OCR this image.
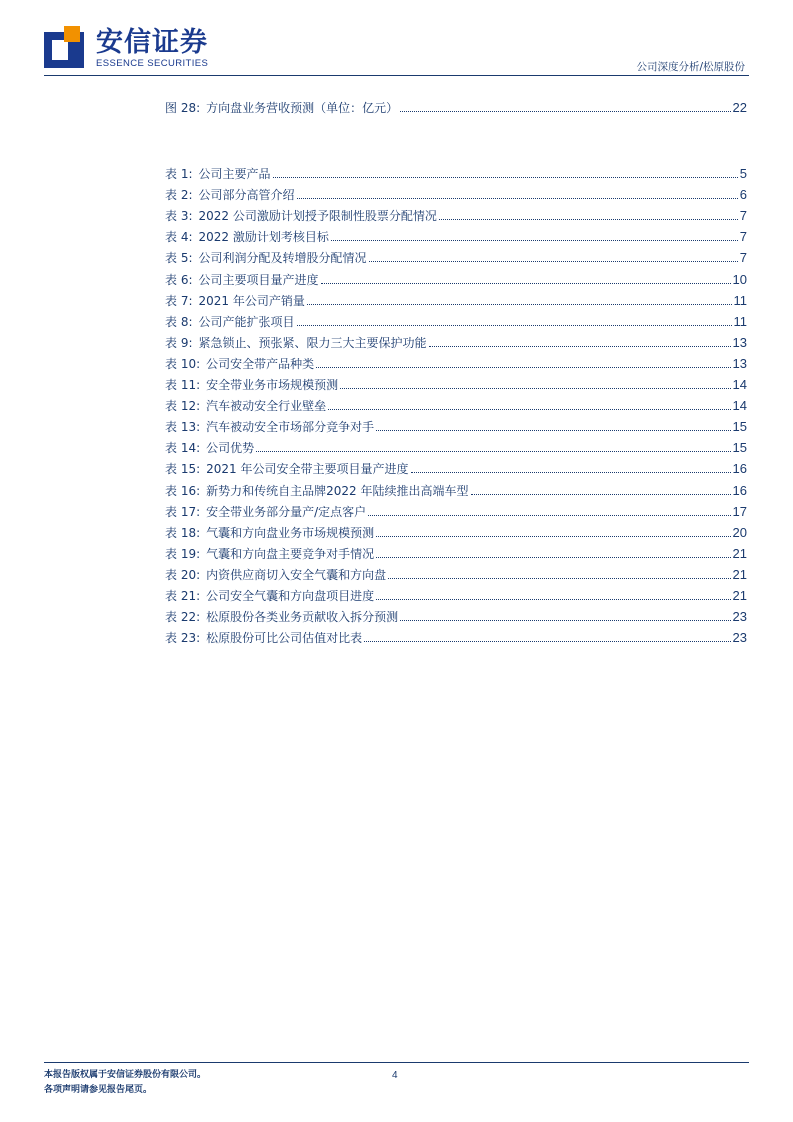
安信证券
ESSENCE SECURITIES	公司深度分析/松原股份
图 28: 方向盘业务营收预测（单位：亿元）	22
表 1: 公司主要产品	5
表 2: 公司部分高管介绍	6
表 3: 2022 公司激励计划授予限制性股票分配情况	7
表 4: 2022 激励计划考核目标	7
表 5: 公司利润分配及转增股分配情况	7
表 6: 公司主要项目量产进度	10
表 7: 2021 年公司产销量	11
表 8: 公司产能扩张项目	11
表 9: 紧急锁止、预张紧、限力三大主要保护功能	13
表 10: 公司安全带产品种类	13
表 11: 安全带业务市场规模预测	14
表 12: 汽车被动安全行业壁垒	14
表 13: 汽车被动安全市场部分竞争对手	15
表 14: 公司优势	15
表 15: 2021 年公司安全带主要项目量产进度	16
表 16: 新势力和传统自主品牌2022 年陆续推出高端车型	16
表 17: 安全带业务部分量产/定点客户	17
表 18: 气囊和方向盘业务市场规模预测	20
表 19: 气囊和方向盘主要竞争对手情况	21
表 20: 内资供应商切入安全气囊和方向盘	21
表 21: 公司安全气囊和方向盘项目进度	21
表 22: 松原股份各类业务贡献收入拆分预测	23
表 23: 松原股份可比公司估值对比表	23
本报告版权属于安信证券股份有限公司。
各项声明请参见报告尾页。
4
